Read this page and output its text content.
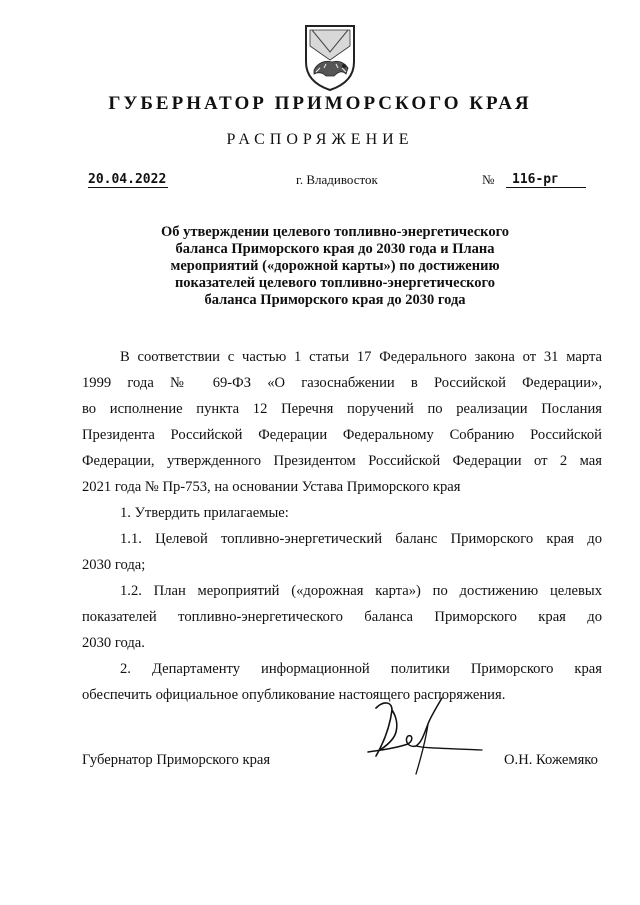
ГУБЕРНАТОР ПРИМОРСКОГО КРАЯ
РАСПОРЯЖЕНИЕ
20.04.2022	г. Владивосток	№	116-рг
Об утверждении целевого топливно-энергетического
баланса Приморского края до 2030 года и Плана
мероприятий («дорожной карты») по достижению
показателей целевого топливно-энергетического
баланса Приморского края до 2030 года
В соответствии с частью 1 статьи 17 Федерального закона от 31 марта
1999 года № 69-ФЗ «О газоснабжении в Российской Федерации»,
во исполнение пункта 12 Перечня поручений по реализации Послания
Президента Российской Федерации Федеральному Собранию Российской
Федерации, утвержденного Президентом Российской Федерации от 2 мая
2021 года № Пр-753, на основании Устава Приморского края
1. Утвердить прилагаемые:
1.1. Целевой топливно-энергетический баланс Приморского края до
2030 года;
1.2. План мероприятий («дорожная карта») по достижению целевых
показателей топливно-энергетического баланса Приморского края до
2030 года.
2. Департаменту информационной политики Приморского края
обеспечить официальное опубликование настоящего распоряжения.
Губернатор Приморского края	О.Н. Кожемяко
